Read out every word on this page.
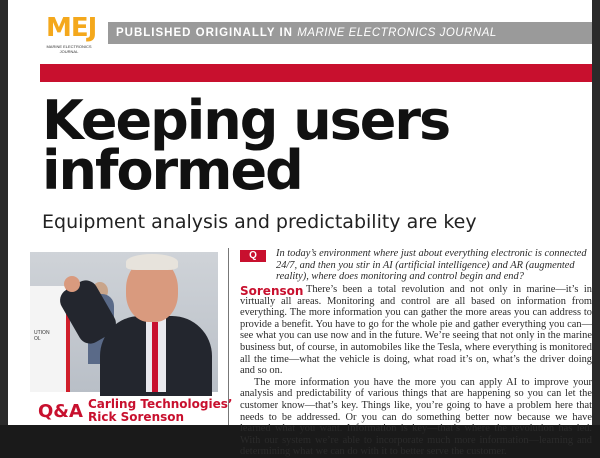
MEJ
MARINE ELECTRONICS JOURNAL
PUBLISHED ORIGINALLY IN MARINE ELECTRONICS JOURNAL
Keeping users
informed
Equipment analysis and predictability are key
UTION
OL
Q	In today’s environment where just about everything electronic is connected 24/7, and then you stir in AI (artificial intelligence) and AR (augmented reality), where does monitoring and control begin and end?

There’s been a total revolution and not only in marine—it’s in virtually all areas. Monitoring and control are all based on information from everything. The more information you can gather the more areas you can address to provide a benefit. You have to go for the whole pie and gather everything you can—see what you can use now and in the future. We’re seeing that not only in the marine business but, of course, in automobiles like the Tesla, where everything is monitored all the time—what the vehicle is doing, what road it’s on, what’s the driver doing and so on.

The more information you have the more you can apply AI to improve your analysis and predictability of various things that are happening so you can let the customer know—that’s key. Things like, you’re going to have a problem here that needs to be addressed. Or you can do something better now because we have learned what you want. Information is key—that’s where the revolution has led. With our system we’re able to incorporate much more information—learning and determining what we can do with it to better serve the customer.

Sorenson
Q&A Carling Technologies’
Rick Sorenson
